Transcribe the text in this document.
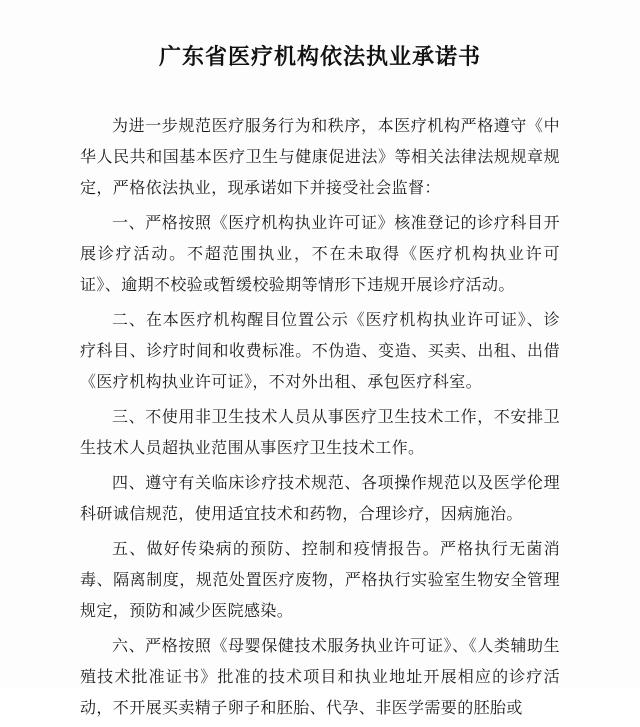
广东省医疗机构依法执业承诺书

为进一步规范医疗服务行为和秩序，本医疗机构严格遵守《中华人民共和国基本医疗卫生与健康促进法》等相关法律法规规章规定，严格依法执业，现承诺如下并接受社会监督：

一、严格按照《医疗机构执业许可证》核准登记的诊疗科目开展诊疗活动。不超范围执业，不在未取得《医疗机构执业许可证》、逾期不校验或暂缓校验期等情形下违规开展诊疗活动。

二、在本医疗机构醒目位置公示《医疗机构执业许可证》、诊疗科目、诊疗时间和收费标准。不伪造、变造、买卖、出租、出借《医疗机构执业许可证》，不对外出租、承包医疗科室。

三、不使用非卫生技术人员从事医疗卫生技术工作，不安排卫生技术人员超执业范围从事医疗卫生技术工作。

四、遵守有关临床诊疗技术规范、各项操作规范以及医学伦理科研诚信规范，使用适宜技术和药物，合理诊疗，因病施治。

五、做好传染病的预防、控制和疫情报告。严格执行无菌消毒、隔离制度，规范处置医疗废物，严格执行实验室生物安全管理规定，预防和减少医院感染。

六、严格按照《母婴保健技术服务执业许可证》、《人类辅助生殖技术批准证书》批准的技术项目和执业地址开展相应的诊疗活动，不开展买卖精子卵子和胚胎、代孕、非医学需要的胚胎或
